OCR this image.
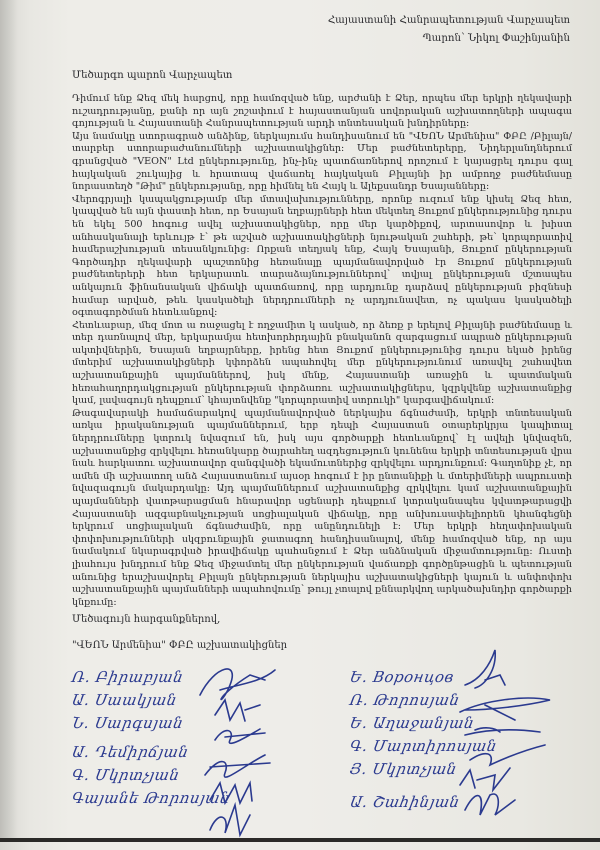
Հայաստանի Հանրապետության Վարչապետ
Պարոն՝ Նիկոլ Փաշինյանին
Մեծարգո պարոն Վարչապետ

Դիմում ենք Ձեզ մեկ հարցով, որը համոզված ենք, արժանի է Ձեր, որպես մեր երկրի ղեկավարի ուշադրությանը, քանի որ այն շոշափում է հայաստանյան սովորական աշխատողների ապագա գոյության և Հայաստանի Հանրապետության արդի տնտեսական խնդիրները:

Այս նամակը ստորագրած անձինք, ներկայումս հանդիսանում են "ՎԵՈՆ Արմենիա" ՓԲԸ /Բիլայն/ տարբեր ստորաբաժանումների աշխատակիցներ: Մեր բաժնետերերը, Նիդերլանդներում գրանցված "VEON" Ltd ընկերությունը, ինչ-ինչ պատճառներով որոշում է կայացրել դուրս գալ հայկական շուկայից և հրատապ վաճառել հայկական Բիլայնի իր ամբողջ բաժնեմասը նորաստեղծ "Թիմ" ընկերությանը, որը հիմնել են Հայկ և Ալեքսանդր Եսայանները:

Վերոգրյալի կապակցությամբ մեր մտավախությունները, որոնք ուզում ենք կիսել Ձեզ հետ, կապված են այն փաստի հետ, որ Եսայան եղբայրների հետ մեկտեղ Յուքոմ ընկերությունից դուրս են եկել 500 հոգուց ավել աշխատակիցներ, որը մեր կարծիքով, արտասովոր և խիստ անհասկանալի երևույթ է՝ թե աշված աշխատակիցների նյութական շահերի, թե՝ կորպորատիվ համերաշխության տեսանկյունից: Որքան տեղյակ ենք, Հայկ Եսայանի, Յուքոմ ընկերության Գործադիր ղեկավարի պաշտոնից հեռանալը պայմանավորված էր Յուքոմ ընկերության բաժնետերերի հետ երկարատև տարաձայնություններով՝ տվյալ ընկերության մշտապես անկայուն ֆինանսական վիճակի պատճառով, որը արդյունք դարձավ ընկերության բիզնեսի համար արված, թեև կասկածելի ներդրումների ոչ արդյունավետ, ոչ պակաս կասկածելի օգտագործման հետևանքով:

Հետևաբար, մեզ մոտ ա ռաջացել է ողջամիտ կ ասկած, որ ձեռք բ երելով Բիլայնի բաժնեմասը և տեր դառնալով մեր, երկարամյա հետխորհրդային բնականոն զարգացում ապրած ընկերության ակտիվներին, Եսայան եղբայրները, իրենց հետ Յուքոմ ընկերությունից դուրս եկած իրենց մտերիմ աշխատակիցների կփորձեն ապահովել մեր ընկերությունում առավել շահավետ աշխատանքային պայմաններով, իսկ մենք, Հայաստանի առաջին և պատմական հեռահաղորդակցության ընկերության փորձառու աշխատակիցներս, կզրկվենք աշխատանքից կամ, լավագույն դեպքում՝ կհայտնվենք "կորպորատիվ ստրուկի" կարգավիճակում:

Թագավարակի համաճարակով պայմանավորված ներկայիս ճգնաժամի, երկրի տնտեսական առկա իրականության պայմաններում, երբ դեպի Հայաստան օտարերկրյա կապիտալ ներդրումները կտրուկ նվազում են, իսկ այս գործարքի հետևանքով՝ էլ ավելի կնվազեն, աշխատանքից զրկվելու հեռանկարը ծայրահեղ ազդեցություն կունենա երկրի տնտեսության վրա նաև հարկատու աշխատավոր զանգվածի եկամուտներից զրկվելու արդյունքում: Գաղտնիք չէ, որ ամեն մի աշխատող անձ Հայաստանում այսօր հոգում է իր ընտանիքի և մտերիմների ապրուստի նվազագույն մակարդակը: Այդ պայմաններում աշխատանքից զրկվելու կամ աշխատանքային պայմանների վատթարացման հնարավոր սցենարի դեպքում կտրականապես կվատթարացվի Հայաստանի ազգաբնակչության սոցիալական վիճակը, որը անխուսափելիորեն կհանգեցնի երկրում սոցիալական ճգնաժամին, որը անընդունելի է: Մեր երկրի հեղափոխական փոփոխությունների սկզբունքային ջատագող հանդիսանալով, մենք համոզված ենք, որ այս նամակում նկարագրված իրավիճակը պահանջում է Ձեր անձնական միջամտությունը: Ուստի լիահույս խնդրում ենք Ձեզ միջամտել մեր ընկերության վաճառքի գործընթացին և պետության անունից երաշխավորել Բիլայն ընկերության ներկայիս աշխատակիցների կայուն և անփոփոխ աշխատանքային պայմանների ապահովումը՝ թույլ չտալով քննարկվող արկածախնդիր գործարքի կնքումը:

Մեծագույն հարգանքներով,
"ՎԵՈՆ Արմենիա" ՓԲԸ աշխատակիցներ
Ռ. Բիրաբյան
Ա. Սաակյան
Ն. Սարգսյան
Ա. Դեմիրճյան
Գ. Մկրտչյան
Գայանե Թորոսյան
Ե. Воронцов
Ռ. Թորոսյան
Ե. Աղաջանյան
Գ. Մարտիրոսյան
Յ. Մկրտչյան
Ա. Շահինյան
